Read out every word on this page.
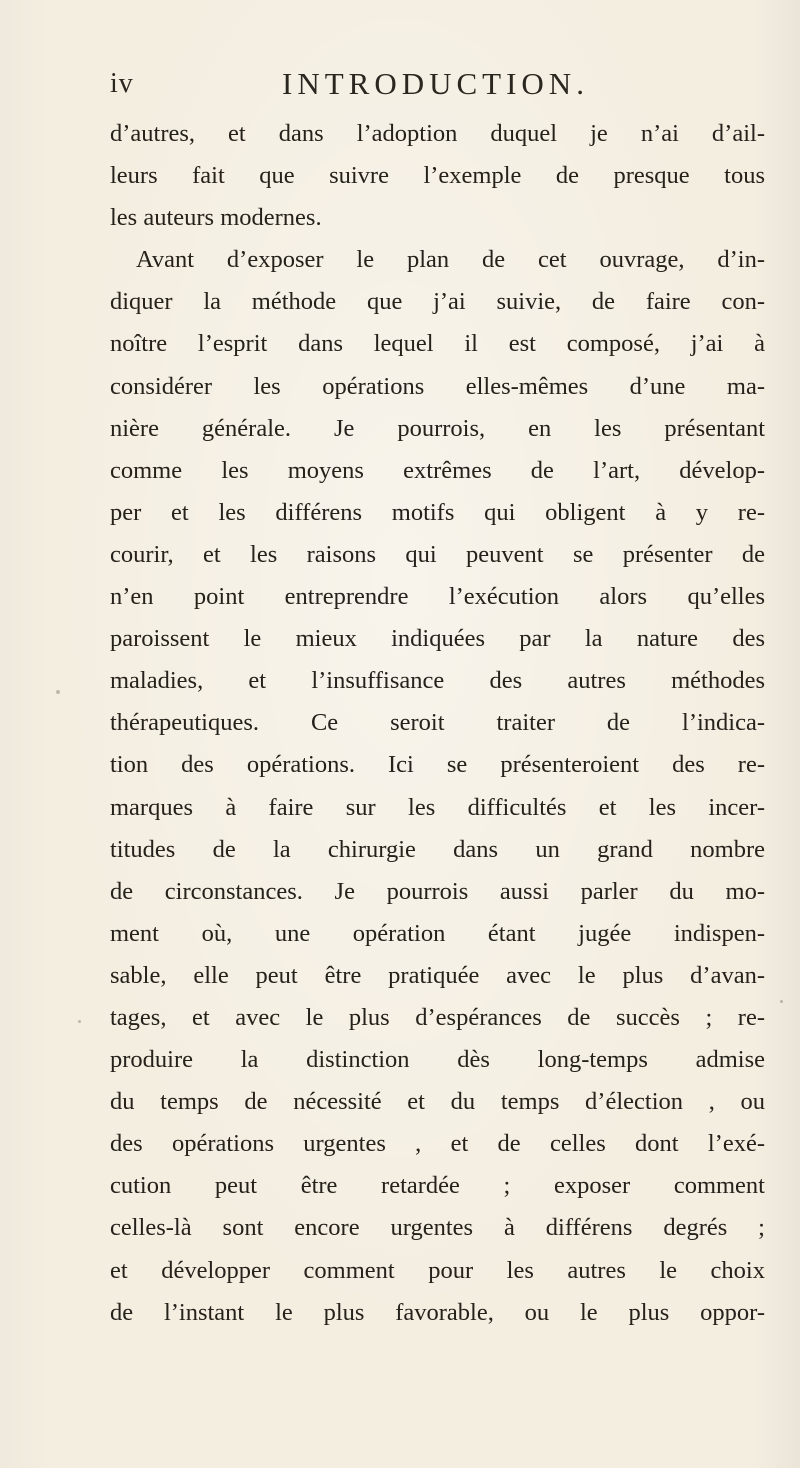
iv	INTRODUCTION.
d’autres, et dans l’adoption duquel je n’ai d’ail-
leurs fait que suivre l’exemple de presque tous
les auteurs modernes.
Avant d’exposer le plan de cet ouvrage, d’in-
diquer la méthode que j’ai suivie, de faire con-
noître l’esprit dans lequel il est composé, j’ai à
considérer les opérations elles-mêmes d’une ma-
nière générale. Je pourrois, en les présentant
comme les moyens extrêmes de l’art, dévelop-
per et les différens motifs qui obligent à y re-
courir, et les raisons qui peuvent se présenter de
n’en point entreprendre l’exécution alors qu’elles
paroissent le mieux indiquées par la nature des
maladies, et l’insuffisance des autres méthodes
thérapeutiques. Ce seroit traiter de l’indica-
tion des opérations. Ici se présenteroient des re-
marques à faire sur les difficultés et les incer-
titudes de la chirurgie dans un grand nombre
de circonstances. Je pourrois aussi parler du mo-
ment où, une opération étant jugée indispen-
sable, elle peut être pratiquée avec le plus d’avan-
tages, et avec le plus d’espérances de succès ; re-
produire la distinction dès long-temps admise
du temps de nécessité et du temps d’élection , ou
des opérations urgentes , et de celles dont l’exé-
cution peut être retardée ; exposer comment
celles-là sont encore urgentes à différens degrés ;
et développer comment pour les autres le choix
de l’instant le plus favorable, ou le plus oppor-
